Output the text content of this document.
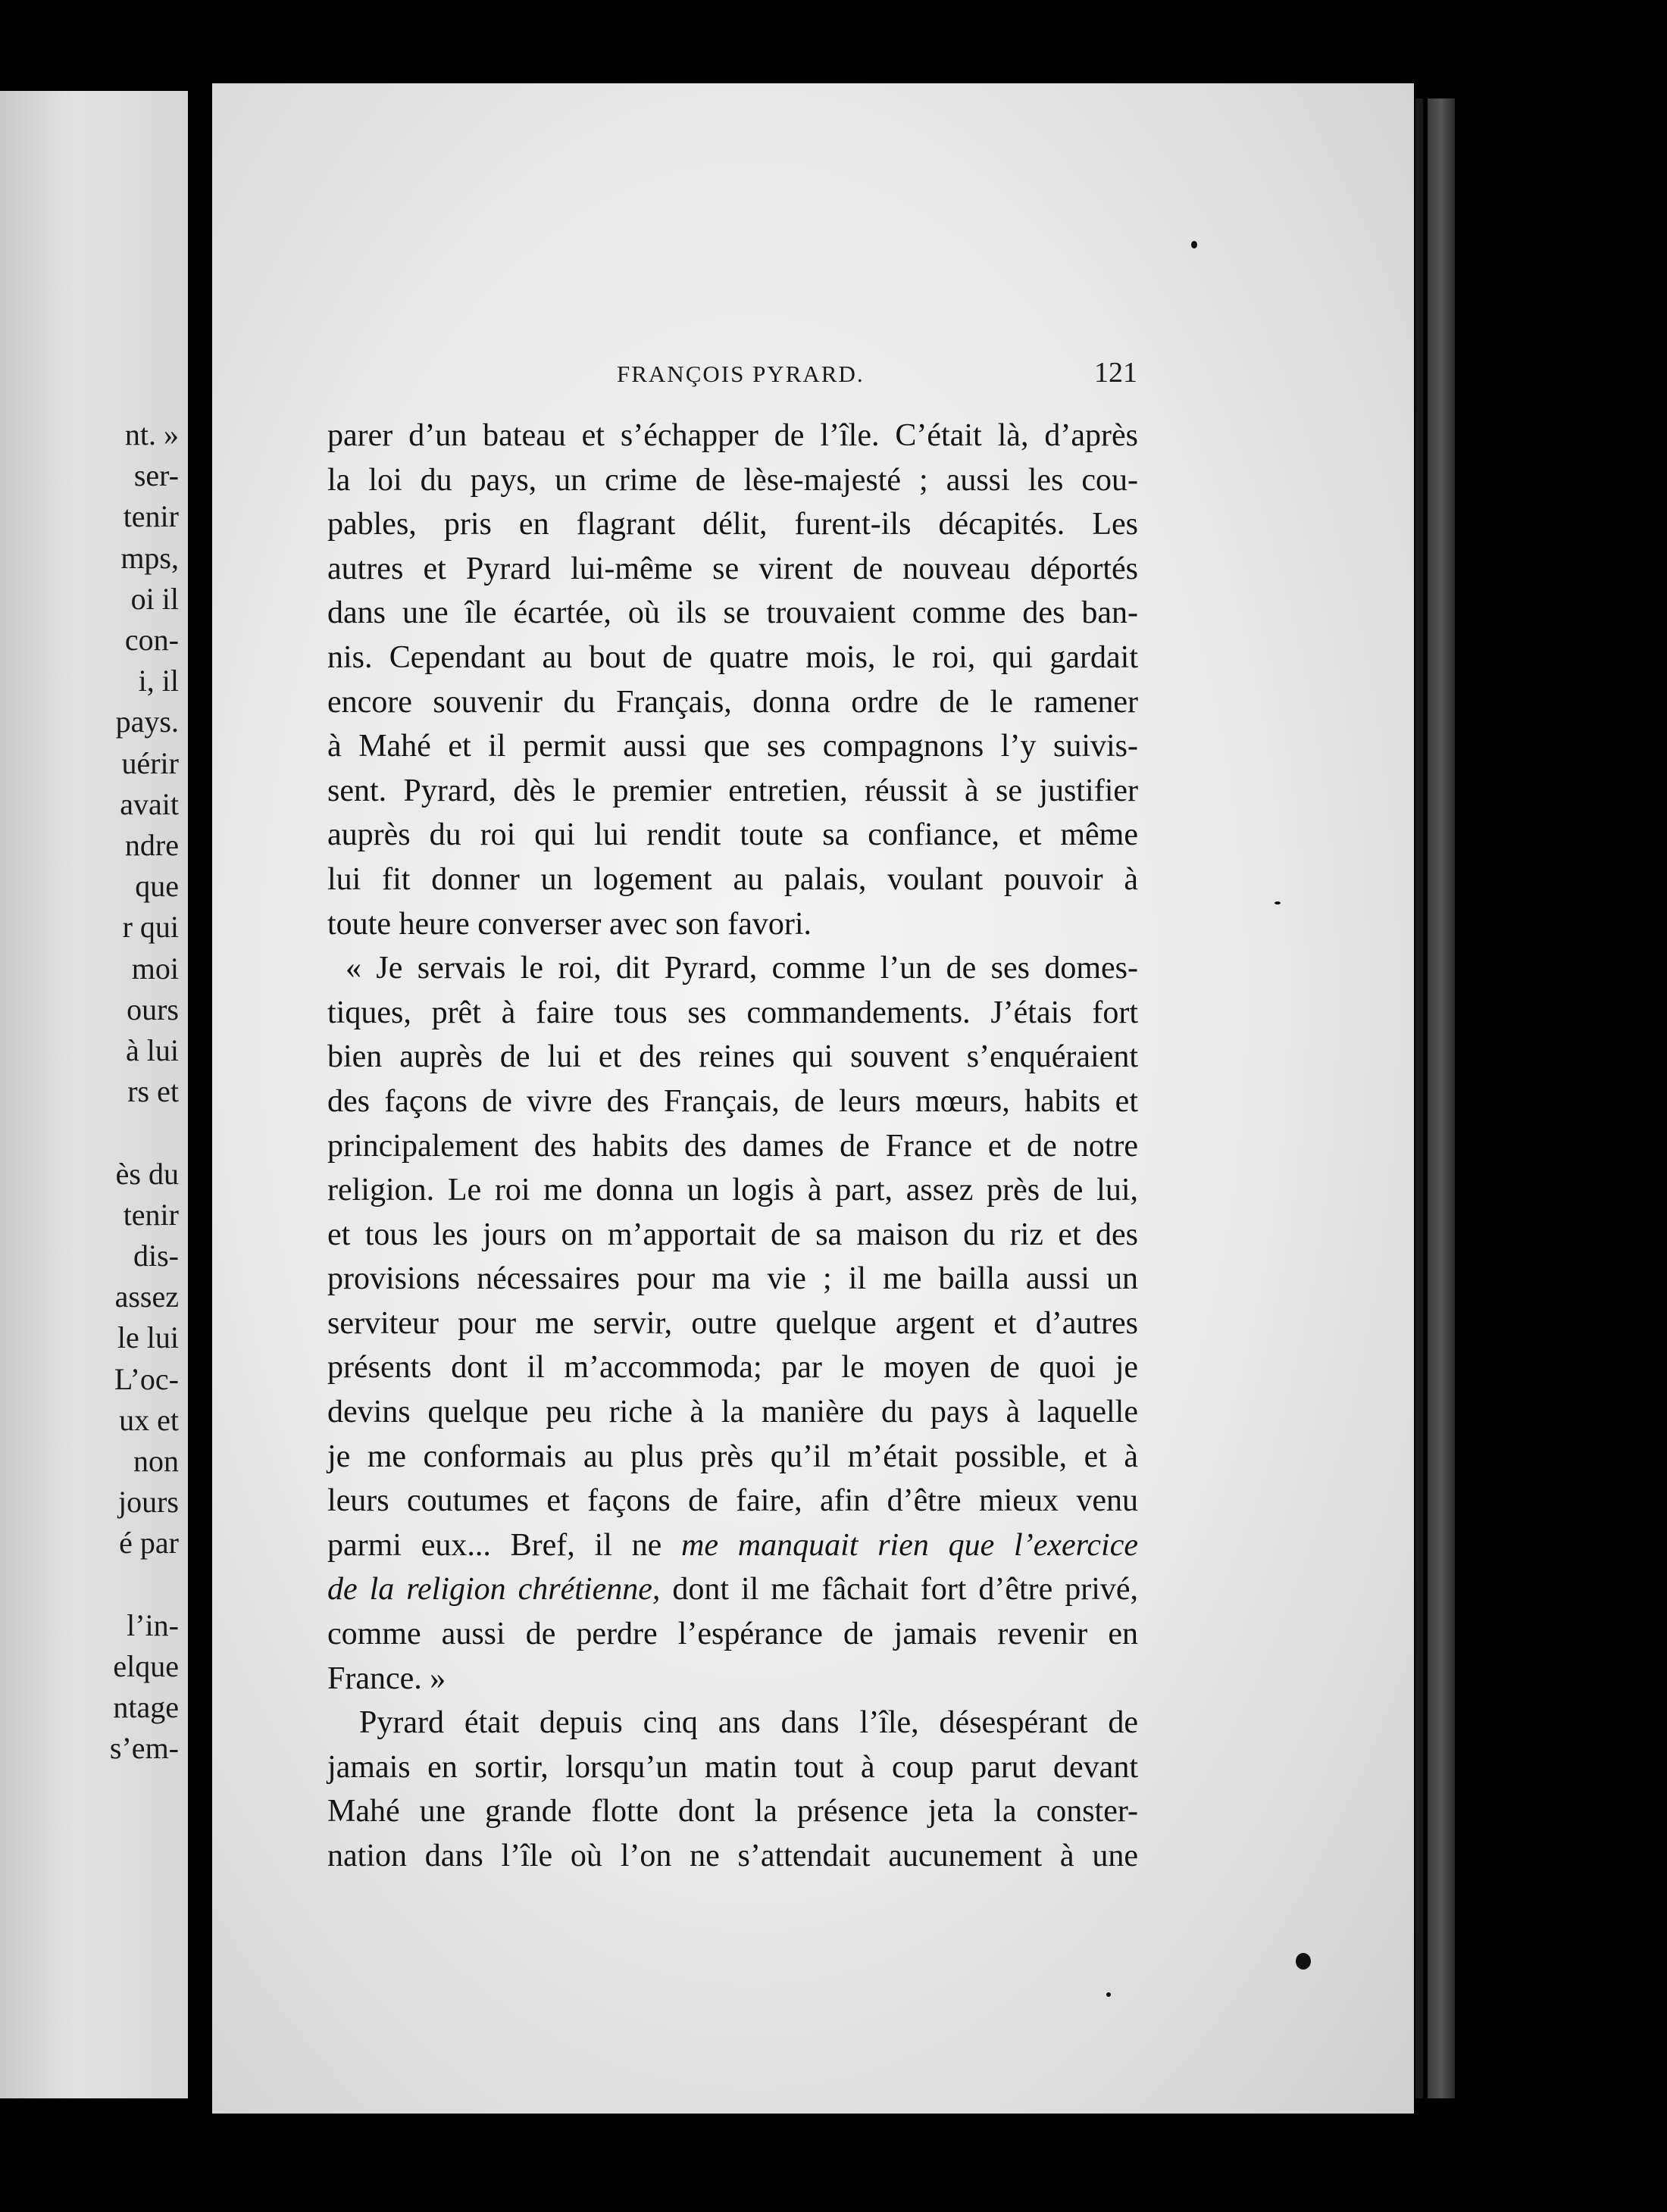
nt. »
ser-
tenir
mps,
oi il
con-
i, il
pays.
uérir
avait
ndre
que
r qui
moi
ours
à lui
rs et
ès du
tenir
dis-
assez
le lui
L’oc-
ux et
non
jours
é par
l’in-
elque
ntage
s’em-
FRANÇOIS PYRARD.	121
parer d’un bateau et s’échapper de l’île. C’était là, d’après
la loi du pays, un crime de lèse-majesté ; aussi les cou-
pables, pris en flagrant délit, furent-ils décapités. Les
autres et Pyrard lui-même se virent de nouveau déportés
dans une île écartée, où ils se trouvaient comme des ban-
nis. Cependant au bout de quatre mois, le roi, qui gardait
encore souvenir du Français, donna ordre de le ramener
à Mahé et il permit aussi que ses compagnons l’y suivis-
sent. Pyrard, dès le premier entretien, réussit à se justifier
auprès du roi qui lui rendit toute sa confiance, et même
lui fit donner un logement au palais, voulant pouvoir à
toute heure converser avec son favori.
« Je servais le roi, dit Pyrard, comme l’un de ses domes-
tiques, prêt à faire tous ses commandements. J’étais fort
bien auprès de lui et des reines qui souvent s’enquéraient
des façons de vivre des Français, de leurs mœurs, habits et
principalement des habits des dames de France et de notre
religion. Le roi me donna un logis à part, assez près de lui,
et tous les jours on m’apportait de sa maison du riz et des
provisions nécessaires pour ma vie ; il me bailla aussi un
serviteur pour me servir, outre quelque argent et d’autres
présents dont il m’accommoda; par le moyen de quoi je
devins quelque peu riche à la manière du pays à laquelle
je me conformais au plus près qu’il m’était possible, et à
leurs coutumes et façons de faire, afin d’être mieux venu
parmi eux... Bref, il ne me manquait rien que l’exercice
de la religion chrétienne, dont il me fâchait fort d’être privé,
comme aussi de perdre l’espérance de jamais revenir en
France. »
Pyrard était depuis cinq ans dans l’île, désespérant de
jamais en sortir, lorsqu’un matin tout à coup parut devant
Mahé une grande flotte dont la présence jeta la conster-
nation dans l’île où l’on ne s’attendait aucunement à une
